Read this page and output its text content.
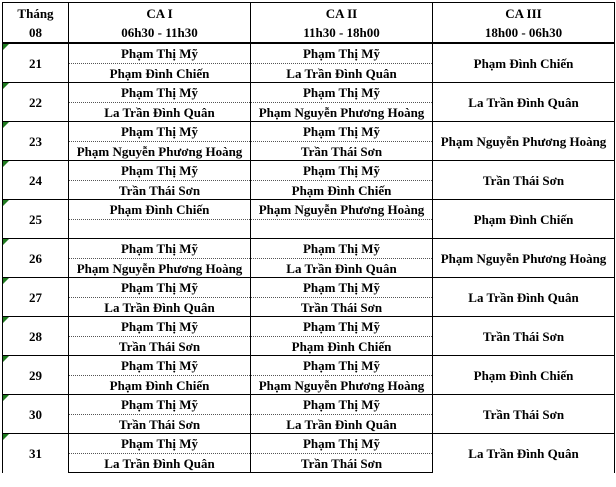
Tháng	CA I	CA II	CA III
08	06h30 - 11h30	11h30 - 18h00	18h00 - 06h30
21	Phạm Thị Mỹ	Phạm Thị Mỹ	Phạm Đình Chiến
	Phạm Đình Chiến	La Trần Đình Quân	
22	Phạm Thị Mỹ	Phạm Thị Mỹ	La Trần Đình Quân
	La Trần Đình Quân	Phạm Nguyễn Phương Hoàng	
23	Phạm Thị Mỹ	Phạm Thị Mỹ	Phạm Nguyễn Phương Hoàng
	Phạm Nguyễn Phương Hoàng	Trần Thái Sơn	
24	Phạm Thị Mỹ	Phạm Thị Mỹ	Trần Thái Sơn
	Trần Thái Sơn	Phạm Đình Chiến	
25	Phạm Đình Chiến	Phạm Nguyễn Phương Hoàng	Phạm Đình Chiến

26	Phạm Thị Mỹ	Phạm Thị Mỹ	Phạm Nguyễn Phương Hoàng
	Phạm Nguyễn Phương Hoàng	La Trần Đình Quân	
27	Phạm Thị Mỹ	Phạm Thị Mỹ	La Trần Đình Quân
	La Trần Đình Quân	Trần Thái Sơn	
28	Phạm Thị Mỹ	Phạm Thị Mỹ	Trần Thái Sơn
	Trần Thái Sơn	Phạm Đình Chiến	
29	Phạm Thị Mỹ	Phạm Thị Mỹ	Phạm Đình Chiến
	Phạm Đình Chiến	Phạm Nguyễn Phương Hoàng	
30	Phạm Thị Mỹ	Phạm Thị Mỹ	Trần Thái Sơn
	Trần Thái Sơn	La Trần Đình Quân	
31	Phạm Thị Mỹ	Phạm Thị Mỹ	La Trần Đình Quân
	La Trần Đình Quân	Trần Thái Sơn	
